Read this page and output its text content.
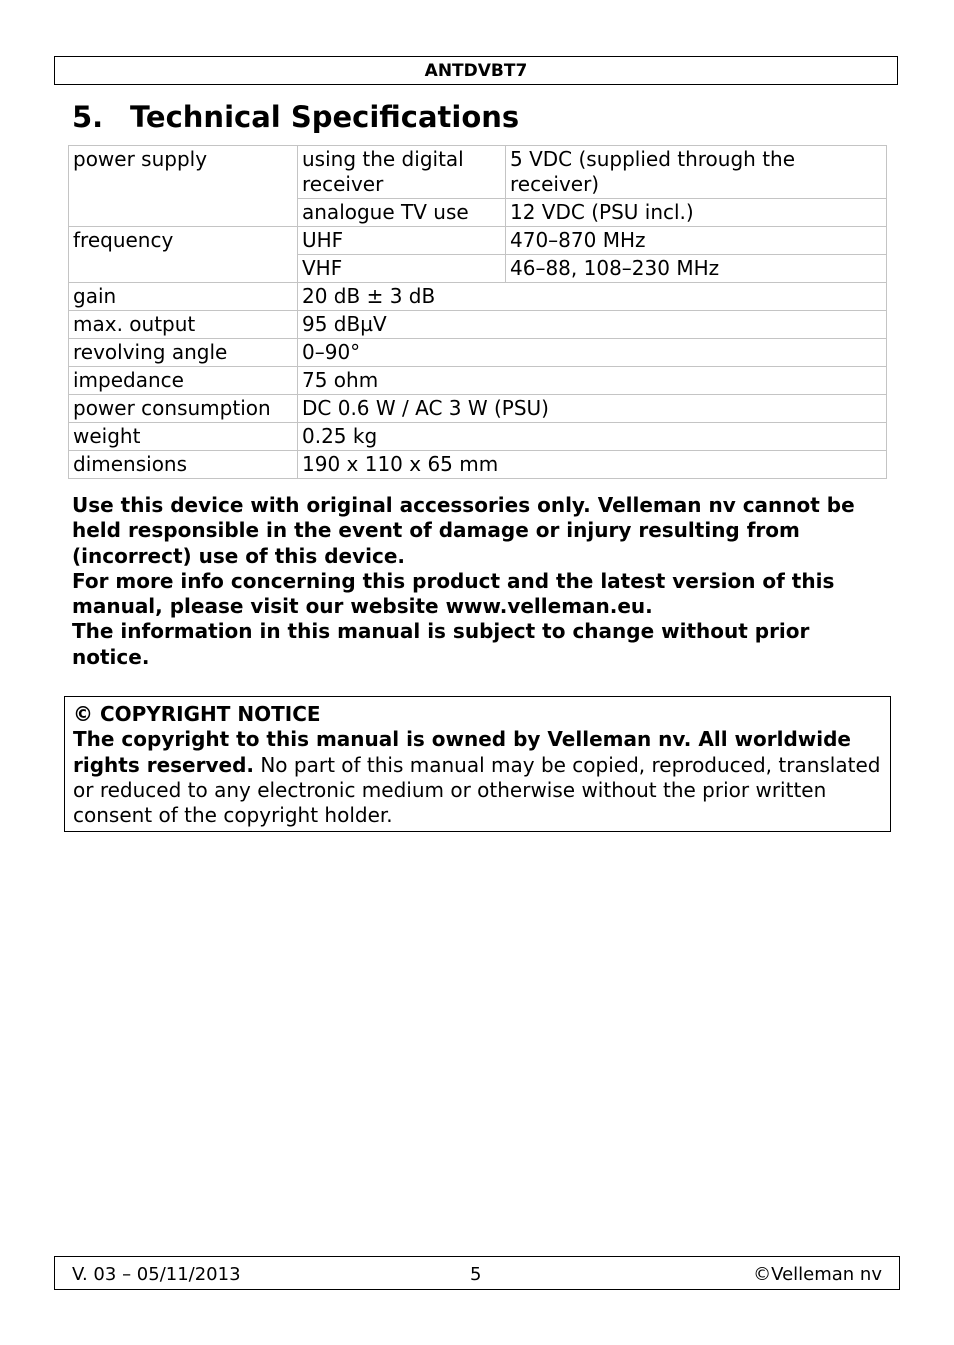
ANTDVBT7
5. Technical Specifications
power supply	using the digital receiver	5 VDC (supplied through the receiver)
	analogue TV use	12 VDC (PSU incl.)
frequency	UHF	470–870 MHz
	VHF	46–88, 108–230 MHz
gain	20 dB ± 3 dB	
max. output	95 dBµV	
revolving angle	0–90°	
impedance	75 ohm	
power consumption	DC 0.6 W / AC 3 W (PSU)	
weight	0.25 kg	
dimensions	190 x 110 x 65 mm	

Use this device with original accessories only. Velleman nv cannot be held responsible in the event of damage or injury resulting from (incorrect) use of this device.

For more info concerning this product and the latest version of this manual, please visit our website www.velleman.eu.

The information in this manual is subject to change without prior notice.

© COPYRIGHT NOTICE

The copyright to this manual is owned by Velleman nv. All worldwide rights reserved. No part of this manual may be copied, reproduced, translated or reduced to any electronic medium or otherwise without the prior written consent of the copyright holder.

V. 03 – 05/11/2013	5	©Velleman nv
